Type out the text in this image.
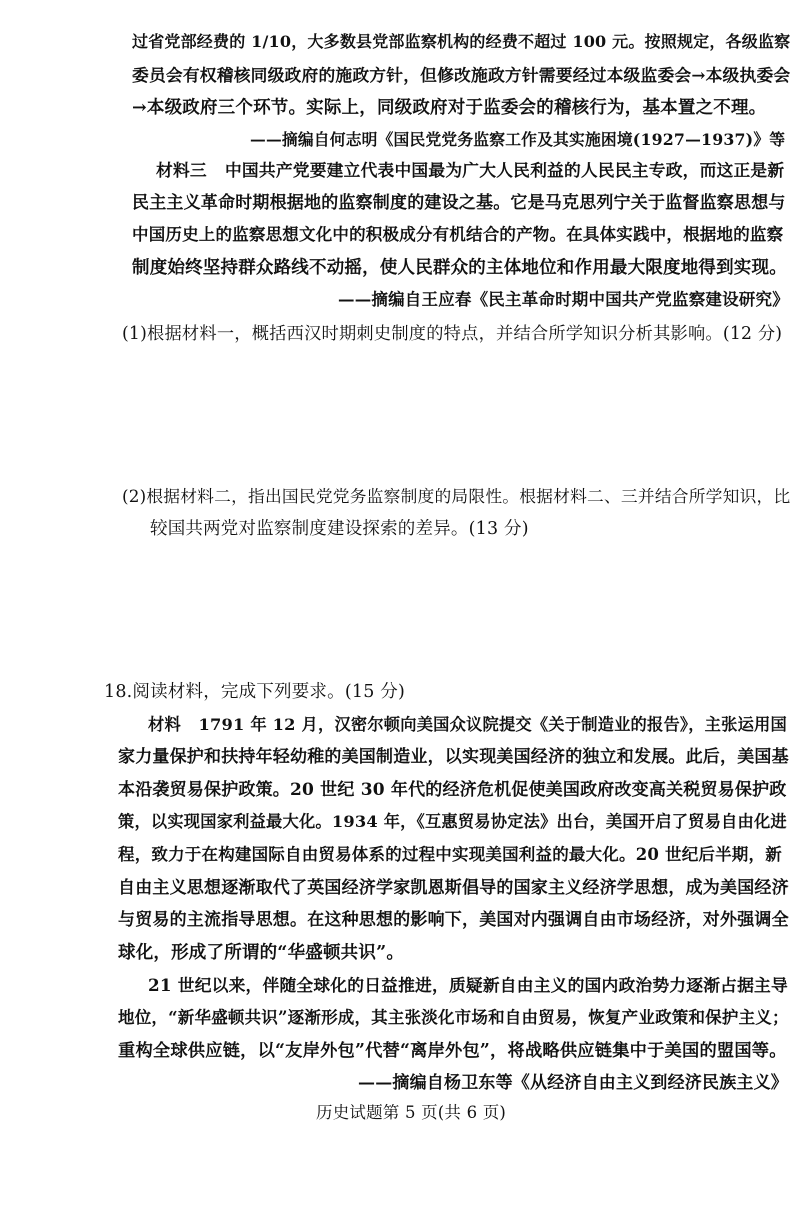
过省党部经费的 1/10，大多数县党部监察机构的经费不超过 100 元。按照规定，各级监察
委员会有权稽核同级政府的施政方针，但修改施政方针需要经过本级监委会→本级执委会
→本级政府三个环节。实际上，同级政府对于监委会的稽核行为，基本置之不理。
——摘编自何志明《国民党党务监察工作及其实施困境(1927—1937)》等
材料三 中国共产党要建立代表中国最为广大人民利益的人民民主专政，而这正是新
民主主义革命时期根据地的监察制度的建设之基。它是马克思列宁关于监督监察思想与
中国历史上的监察思想文化中的积极成分有机结合的产物。在具体实践中，根据地的监察
制度始终坚持群众路线不动摇，使人民群众的主体地位和作用最大限度地得到实现。
——摘编自王应春《民主革命时期中国共产党监察建设研究》
(1)根据材料一，概括西汉时期刺史制度的特点，并结合所学知识分析其影响。(12 分)
(2)根据材料二，指出国民党党务监察制度的局限性。根据材料二、三并结合所学知识，比
较国共两党对监察制度建设探索的差异。(13 分)
18.阅读材料，完成下列要求。(15 分)
材料 1791 年 12 月，汉密尔顿向美国众议院提交《关于制造业的报告》，主张运用国
家力量保护和扶持年轻幼稚的美国制造业，以实现美国经济的独立和发展。此后，美国基
本沿袭贸易保护政策。20 世纪 30 年代的经济危机促使美国政府改变高关税贸易保护政
策，以实现国家利益最大化。1934 年，《互惠贸易协定法》出台，美国开启了贸易自由化进
程，致力于在构建国际自由贸易体系的过程中实现美国利益的最大化。20 世纪后半期，新
自由主义思想逐渐取代了英国经济学家凯恩斯倡导的国家主义经济学思想，成为美国经济
与贸易的主流指导思想。在这种思想的影响下，美国对内强调自由市场经济，对外强调全
球化，形成了所谓的“华盛顿共识”。
21 世纪以来，伴随全球化的日益推进，质疑新自由主义的国内政治势力逐渐占据主导
地位，“新华盛顿共识”逐渐形成，其主张淡化市场和自由贸易，恢复产业政策和保护主义；
重构全球供应链，以“友岸外包”代替“离岸外包”，将战略供应链集中于美国的盟国等。
——摘编自杨卫东等《从经济自由主义到经济民族主义》
历史试题第 5 页(共 6 页)
